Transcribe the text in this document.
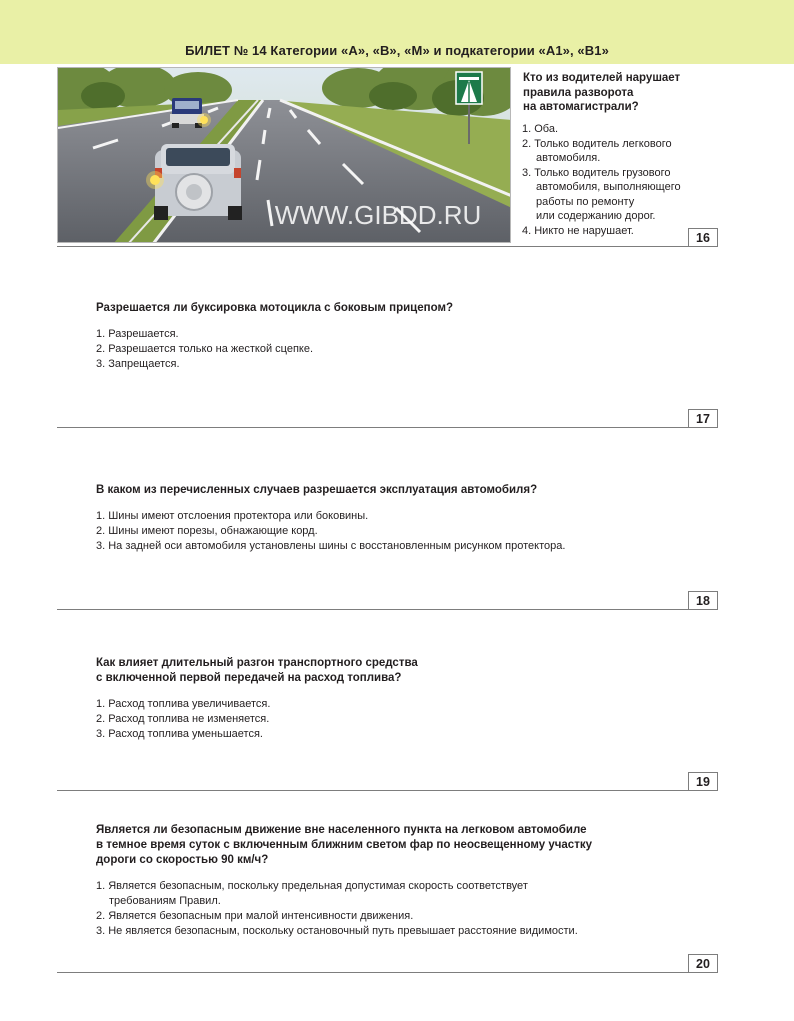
БИЛЕТ № 14 Категории «А», «В», «М» и подкатегории «А1», «В1»
WWW.GIBDD.RU
Кто из водителей нарушает
правила разворота
на автомагистрали?
1. Оба.
2. Только водитель легкового
автомобиля.
3. Только водитель грузового
автомобиля, выполняющего
работы по ремонту
или содержанию дорог.
4. Никто не нарушает.
16
Разрешается ли буксировка мотоцикла с боковым прицепом?
1. Разрешается.
2. Разрешается только на жесткой сцепке.
3. Запрещается.
17
В каком из перечисленных случаев разрешается эксплуатация автомобиля?
1. Шины имеют отслоения протектора или боковины.
2. Шины имеют порезы, обнажающие корд.
3. На задней оси автомобиля установлены шины с восстановленным рисунком протектора.
18
Как влияет длительный разгон транспортного средства
с включенной первой передачей на расход топлива?
1. Расход топлива увеличивается.
2. Расход топлива не изменяется.
3. Расход топлива уменьшается.
19
Является ли безопасным движение вне населенного пункта на легковом автомобиле
в темное время суток с включенным ближним светом фар по неосвещенному участку
дороги со скоростью 90 км/ч?
1. Является безопасным, поскольку предельная допустимая скорость соответствует
требованиям Правил.
2. Является безопасным при малой интенсивности движения.
3. Не является безопасным, поскольку остановочный путь превышает расстояние видимости.
20
